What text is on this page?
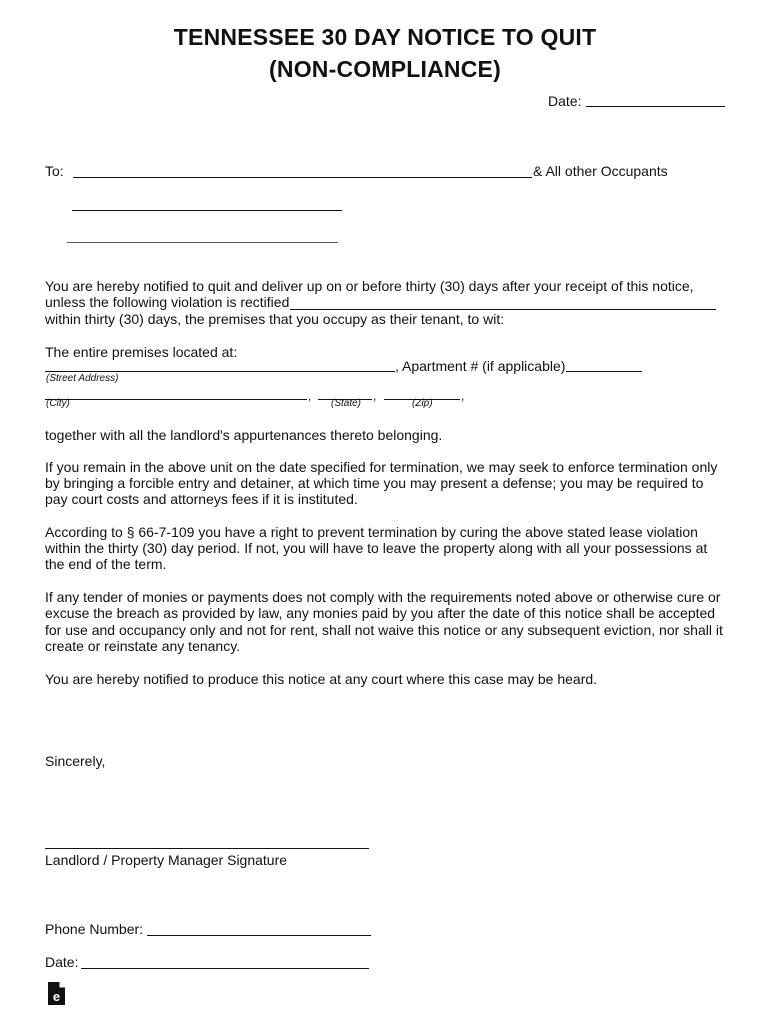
TENNESSEE 30 DAY NOTICE TO QUIT
(NON-COMPLIANCE)
Date:
To:	& All other Occupants
You are hereby notified to quit and deliver up on or before thirty (30) days after your receipt of this notice,
unless the following violation is rectified
within thirty (30) days, the premises that you occupy as their tenant, to wit:
The entire premises located at:
, Apartment # (if applicable)
(Street Address)
,	,	,
(City)	(State)	(Zip)
together with all the landlord's appurtenances thereto belonging.
If you remain in the above unit on the date specified for termination, we may seek to enforce termination only
by bringing a forcible entry and detainer, at which time you may present a defense; you may be required to
pay court costs and attorneys fees if it is instituted.
According to § 66-7-109 you have a right to prevent termination by curing the above stated lease violation
within the thirty (30) day period. If not, you will have to leave the property along with all your possessions at
the end of the term.
If any tender of monies or payments does not comply with the requirements noted above or otherwise cure or
excuse the breach as provided by law, any monies paid by you after the date of this notice shall be accepted
for use and occupancy only and not for rent, shall not waive this notice or any subsequent eviction, nor shall it
create or reinstate any tenancy.
You are hereby notified to produce this notice at any court where this case may be heard.
Sincerely,
Landlord / Property Manager Signature
Phone Number:
Date:
e
